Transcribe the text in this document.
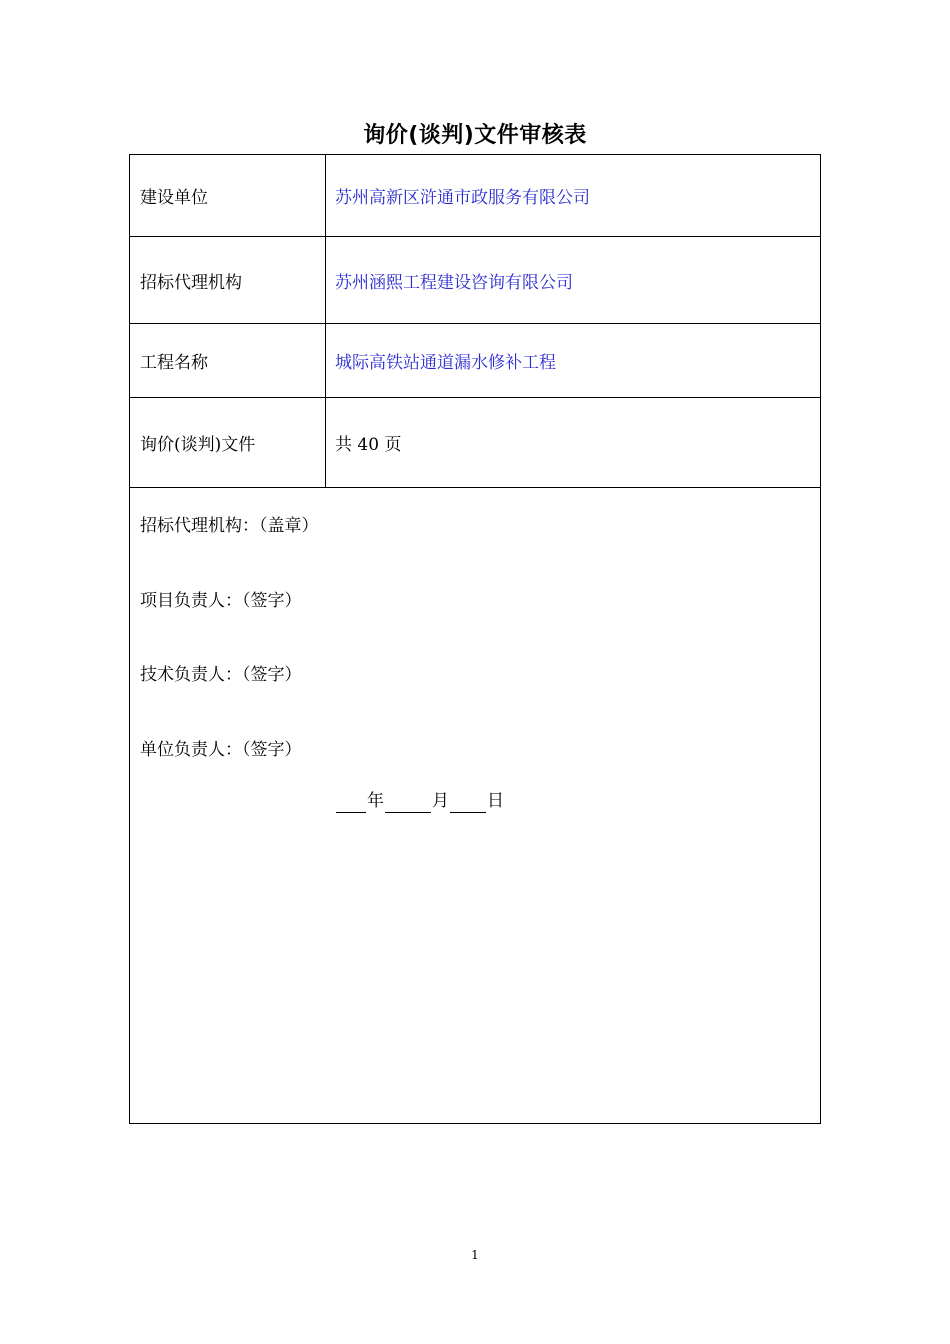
询价(谈判)文件审核表
建设单位	苏州高新区浒通市政服务有限公司
招标代理机构	苏州涵熙工程建设咨询有限公司
工程名称	城际高铁站通道漏水修补工程
询价(谈判)文件	共 40 页
招标代理机构：（盖章）
项目负责人：（签字）
技术负责人：（签字）
单位负责人：（签字）
年	月 日
1
